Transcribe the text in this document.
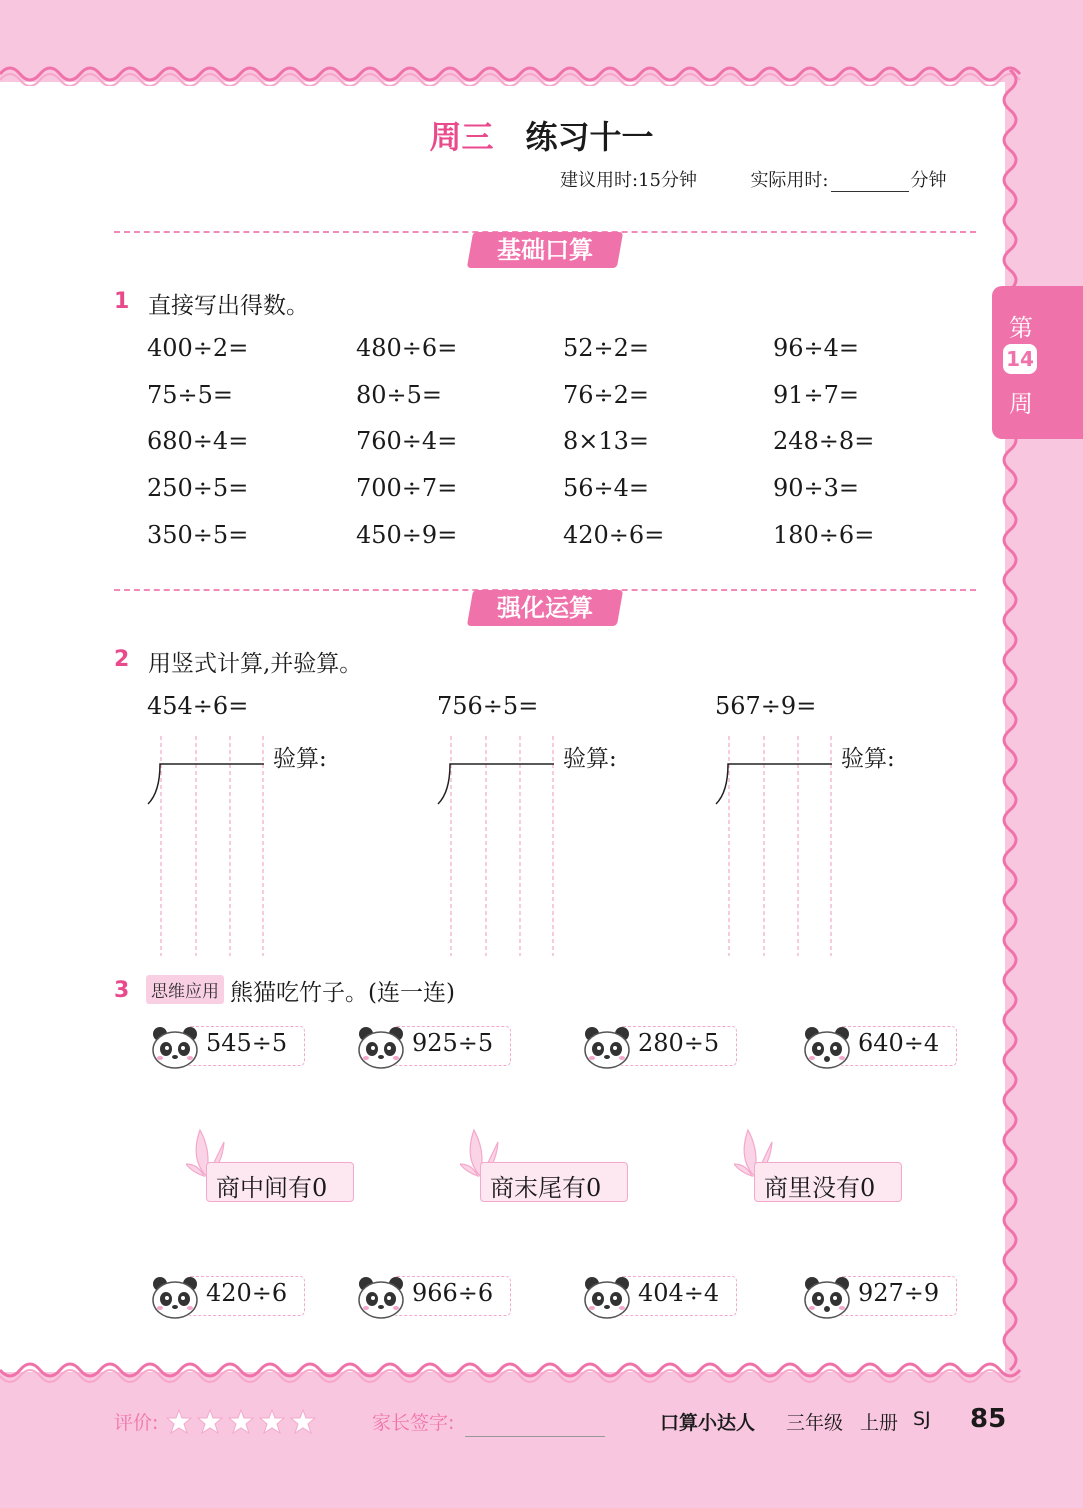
第
14
周
周三 练习十一
建议用时:15分钟	实际用时:	分钟
基础口算
1 直接写出得数。
400÷2=	480÷6=	52÷2=	96÷4=
75÷5=	80÷5=	76÷2=	91÷7=
680÷4=	760÷4=	8×13=	248÷8=
250÷5=	700÷7=	56÷4=	90÷3=
350÷5=	450÷9=	420÷6=	180÷6=
强化运算
2 用竖式计算,并验算。
454÷6=	756÷5=	567÷9=
验算:	验算:	验算:
3 思维应用 熊猫吃竹子。(连一连)
545÷5	925÷5	280÷5	640÷4
商中间有0	商末尾有0	商里没有0
420÷6	966÷6	404÷4	927÷9
评价:	家长签字:	口算小达人 三年级 上册 SJ 85
